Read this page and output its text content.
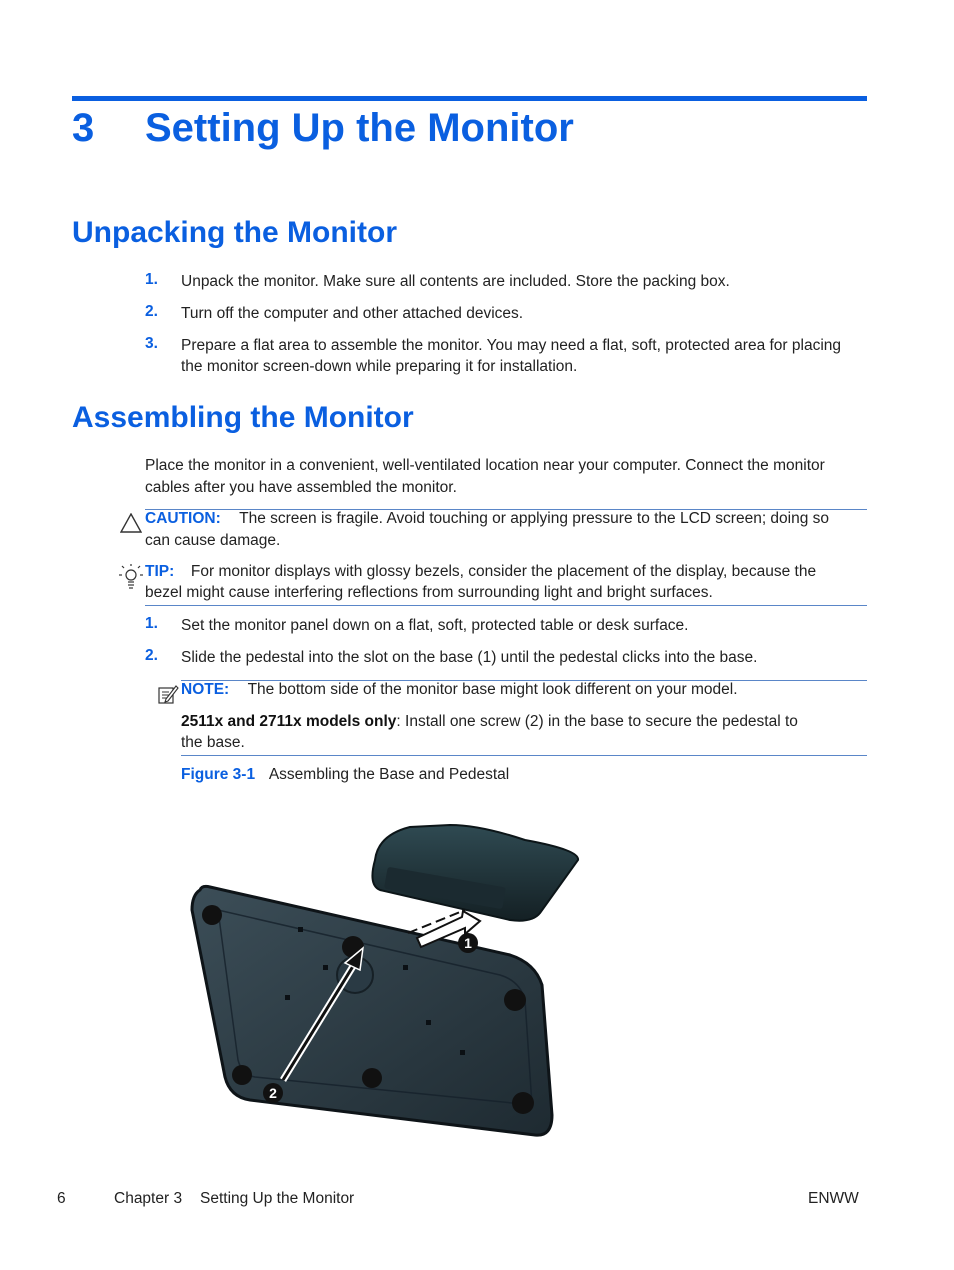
3 Setting Up the Monitor
Unpacking the Monitor
1. Unpack the monitor. Make sure all contents are included. Store the packing box.
2. Turn off the computer and other attached devices.
3. Prepare a flat area to assemble the monitor. You may need a flat, soft, protected area for placing
the monitor screen-down while preparing it for installation.
Assembling the Monitor
Place the monitor in a convenient, well-ventilated location near your computer. Connect the monitor
cables after you have assembled the monitor.
CAUTION: The screen is fragile. Avoid touching or applying pressure to the LCD screen; doing so
can cause damage.
TIP: For monitor displays with glossy bezels, consider the placement of the display, because the
bezel might cause interfering reflections from surrounding light and bright surfaces.
1. Set the monitor panel down on a flat, soft, protected table or desk surface.
2. Slide the pedestal into the slot on the base (1) until the pedestal clicks into the base.
NOTE: The bottom side of the monitor base might look different on your model.
2511x and 2711x models only: Install one screw (2) in the base to secure the pedestal to
the base.
Figure 3-1 Assembling the Base and Pedestal
1
2
6	Chapter 3 Setting Up the Monitor	ENWW
